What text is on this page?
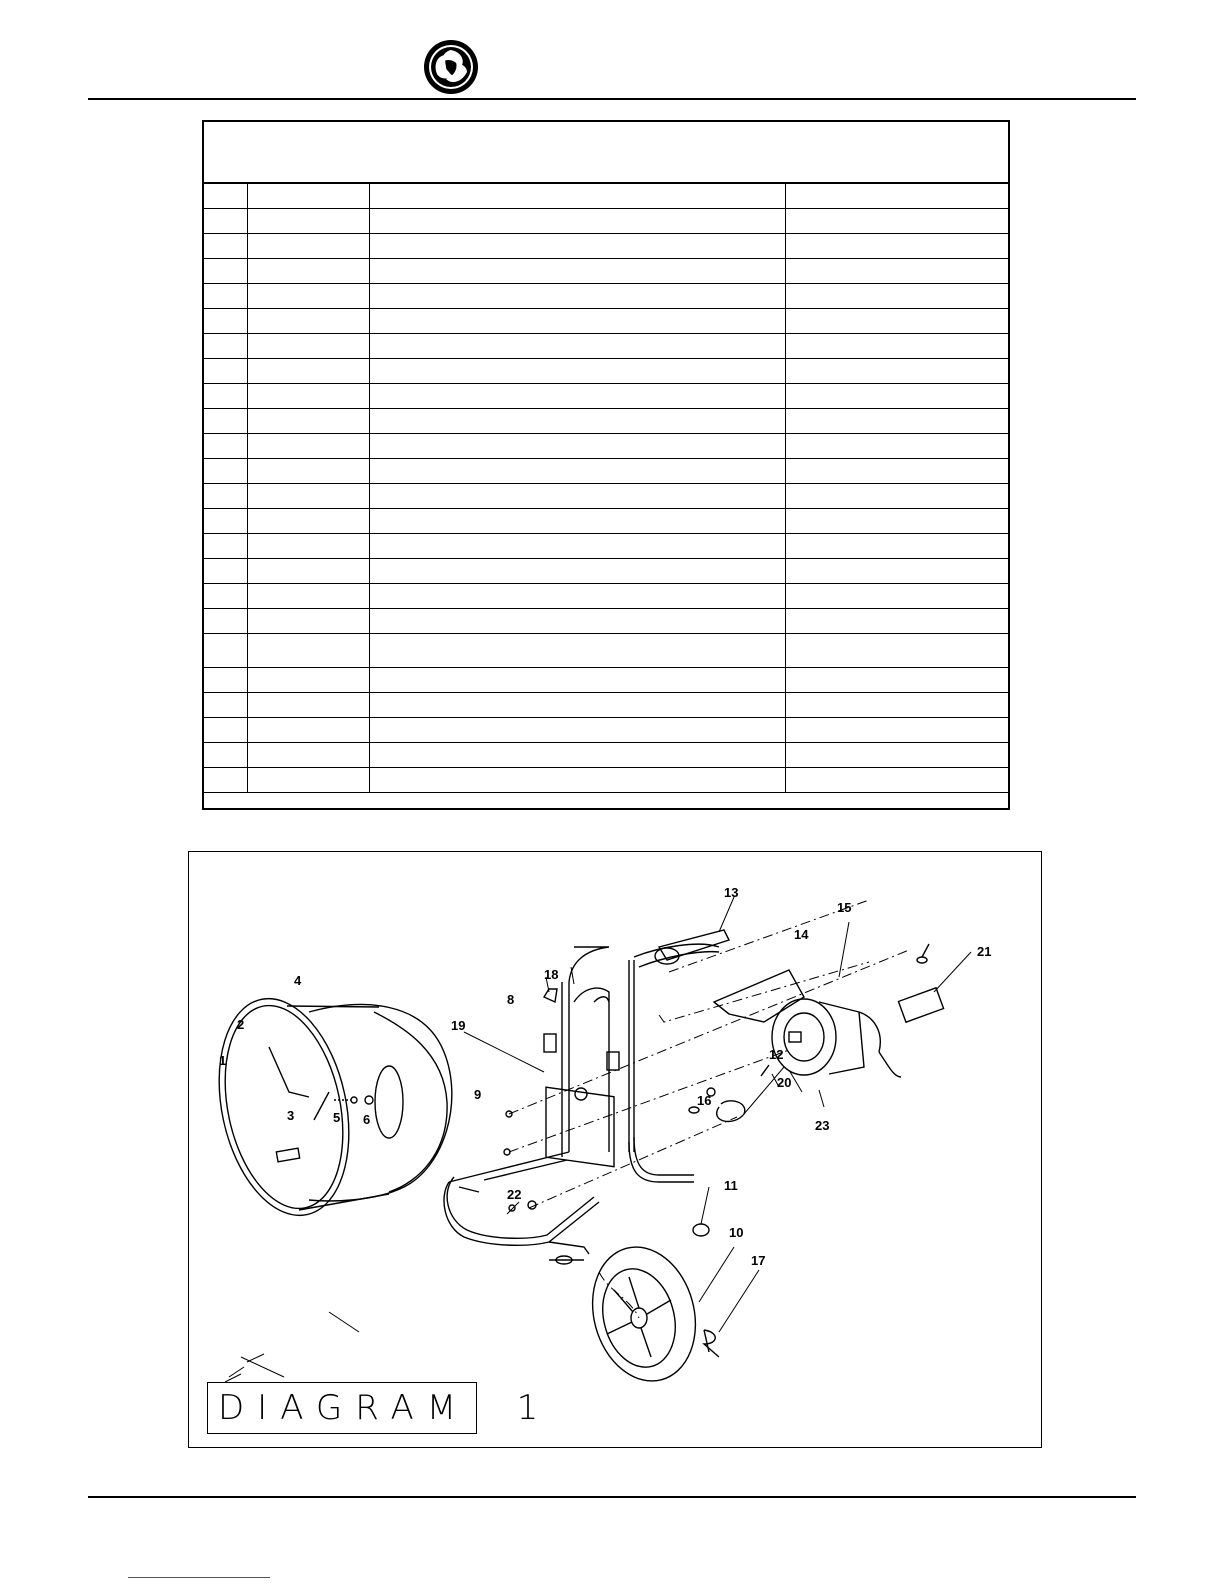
1
2
3
4
5 6
8
9
10
11
12
13
14
15
16
17
18
19
20
21
22
23
DIAGRAM  1
